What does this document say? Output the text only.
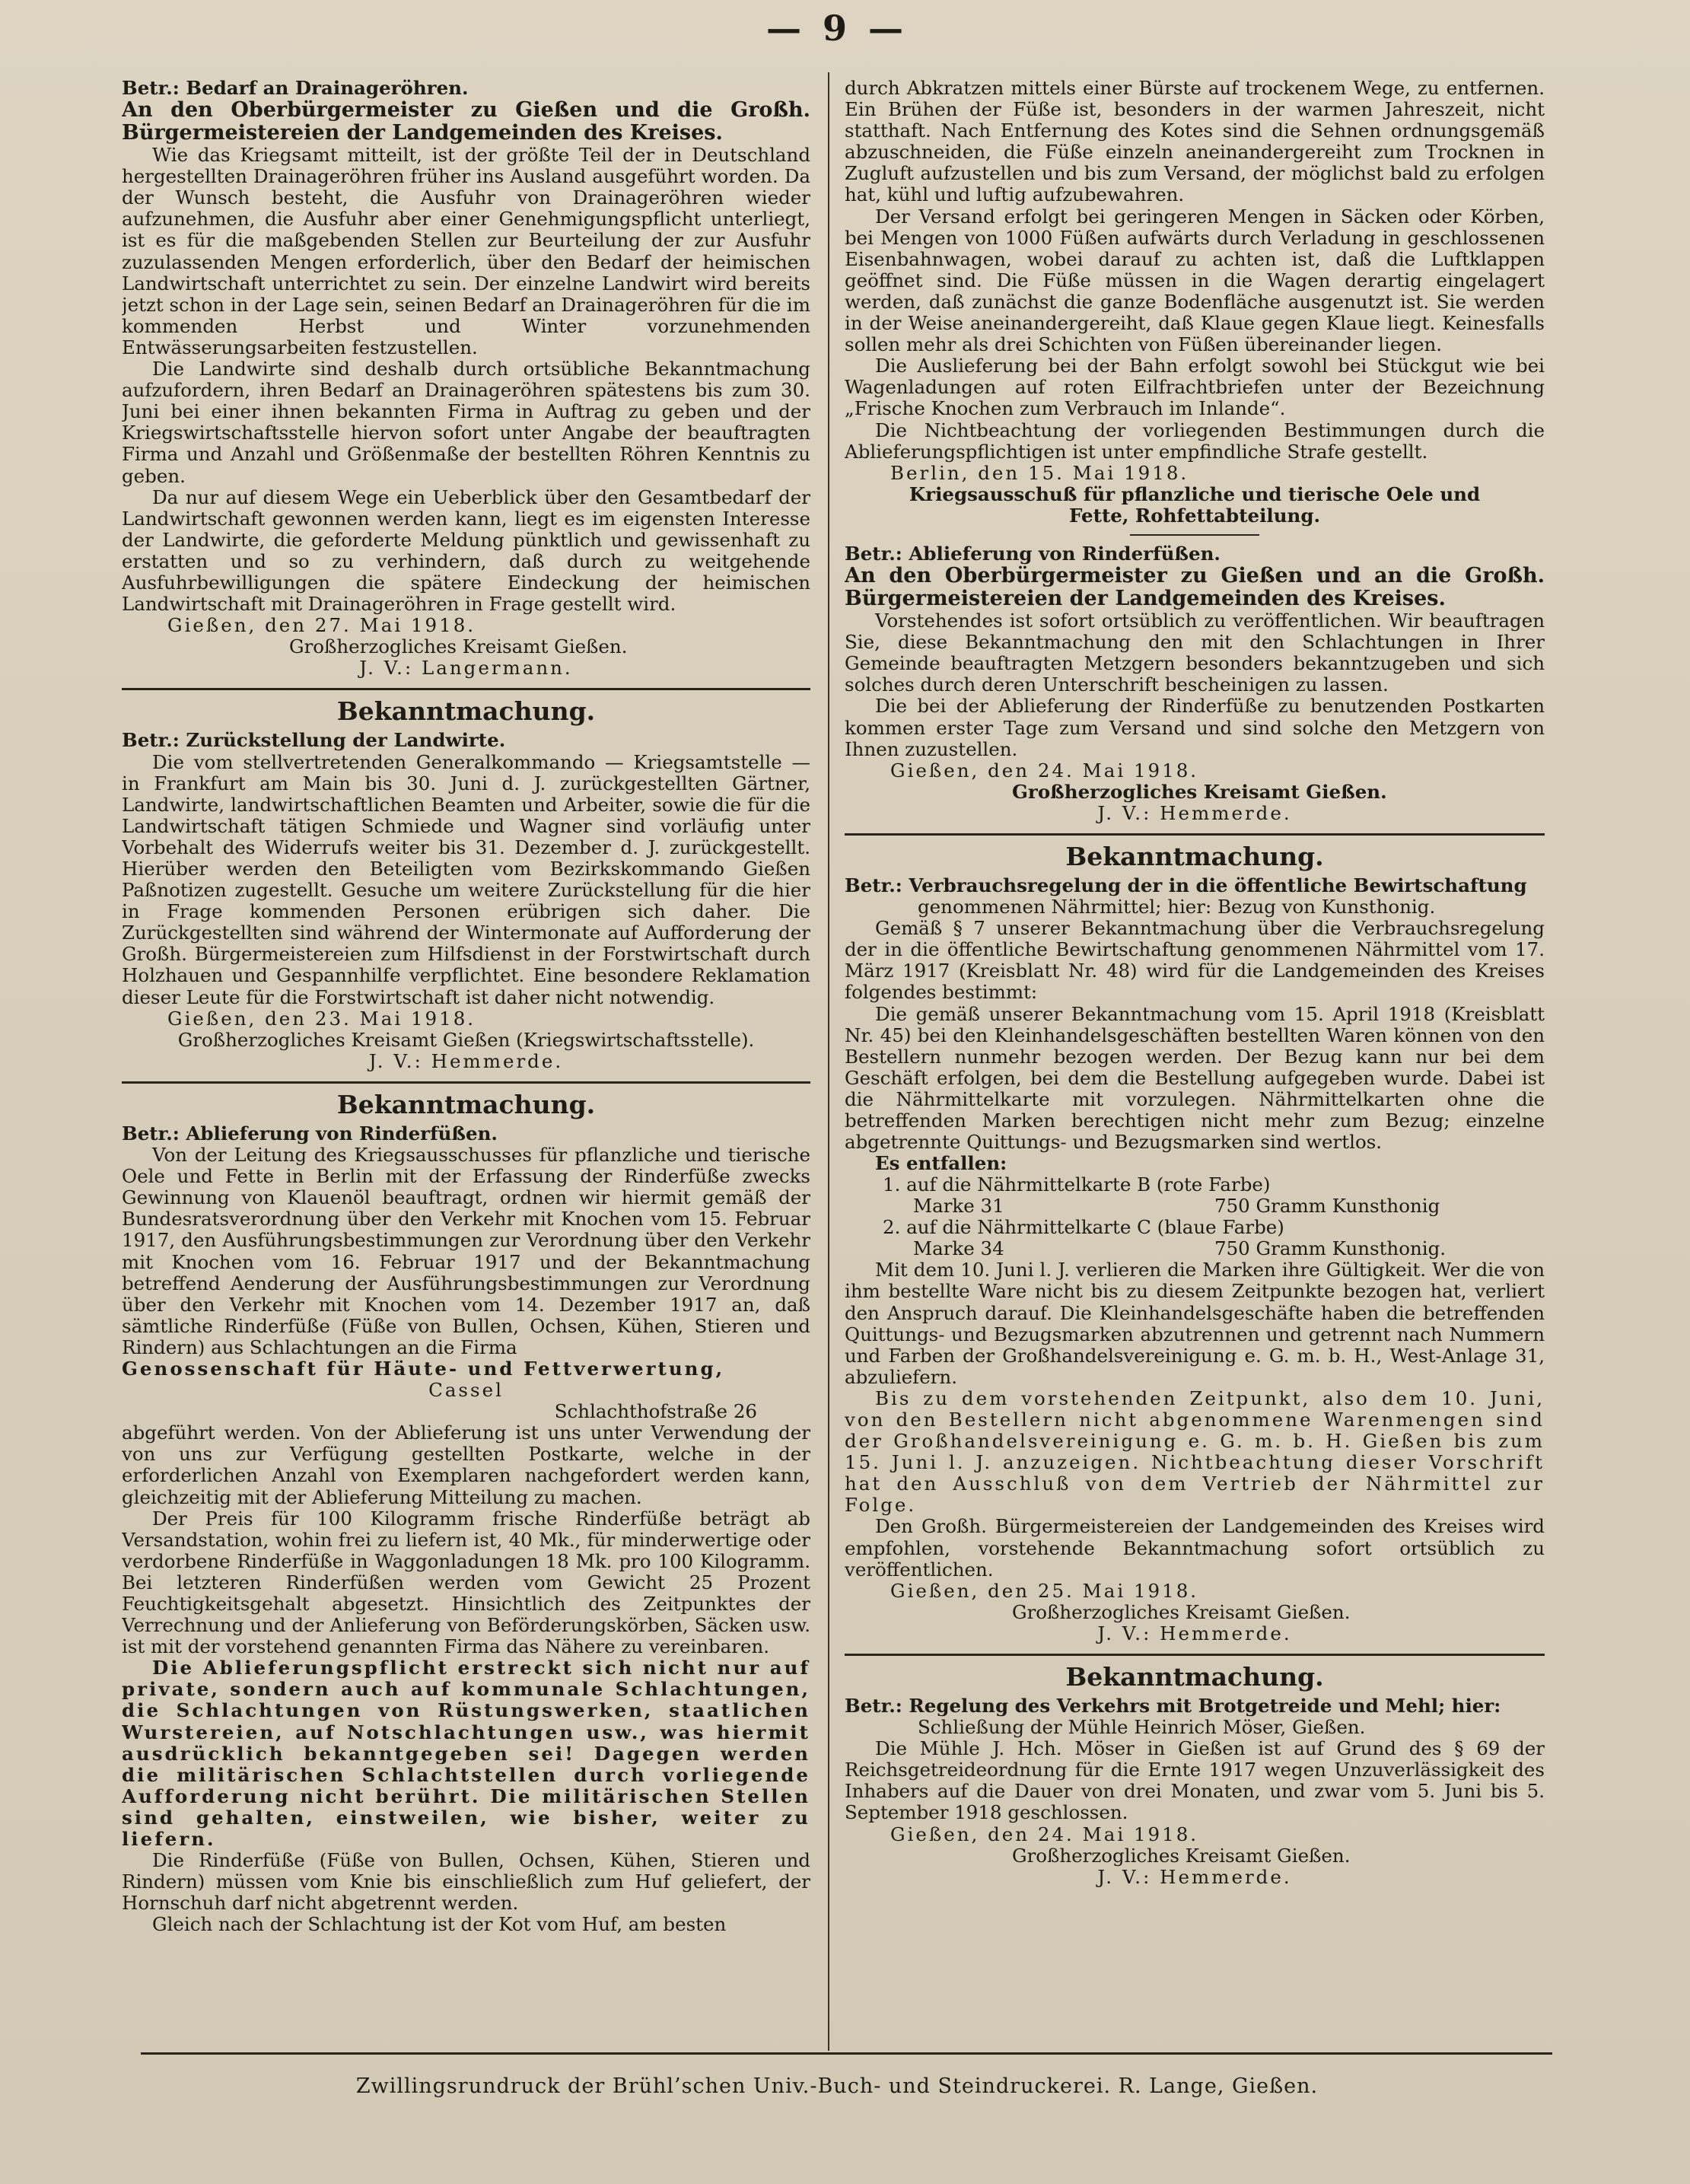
— 9 —

Betr.: Bedarf an Drainageröhren.

An den Oberbürgermeister zu Gießen und die Großh. Bürgermeistereien der Landgemeinden des Kreises.

Wie das Kriegsamt mitteilt, ist der größte Teil der in Deutschland hergestellten Drainageröhren früher ins Ausland ausgeführt worden. Da der Wunsch besteht, die Ausfuhr von Drainageröhren wieder aufzunehmen, die Ausfuhr aber einer Genehmigungspflicht unterliegt, ist es für die maßgebenden Stellen zur Beurteilung der zur Ausfuhr zuzulassenden Mengen erforderlich, über den Bedarf der heimischen Landwirtschaft unterrichtet zu sein. Der einzelne Landwirt wird bereits jetzt schon in der Lage sein, seinen Bedarf an Drainageröhren für die im kommenden Herbst und Winter vorzunehmenden Entwässerungsarbeiten festzustellen.

Die Landwirte sind deshalb durch ortsübliche Bekanntmachung aufzufordern, ihren Bedarf an Drainageröhren spätestens bis zum 30. Juni bei einer ihnen bekannten Firma in Auftrag zu geben und der Kriegswirtschaftsstelle hiervon sofort unter Angabe der beauftragten Firma und Anzahl und Größenmaße der bestellten Röhren Kenntnis zu geben.

Da nur auf diesem Wege ein Ueberblick über den Gesamtbedarf der Landwirtschaft gewonnen werden kann, liegt es im eigensten Interesse der Landwirte, die geforderte Meldung pünktlich und gewissenhaft zu erstatten und so zu verhindern, daß durch zu weitgehende Ausfuhrbewilligungen die spätere Eindeckung der heimischen Landwirtschaft mit Drainageröhren in Frage gestellt wird.

Gießen, den 27. Mai 1918.

Großherzogliches Kreisamt Gießen.

J. V.: Langermann.

Bekanntmachung.

Betr.: Zurückstellung der Landwirte.

Die vom stellvertretenden Generalkommando — Kriegsamtstelle — in Frankfurt am Main bis 30. Juni d. J. zurückgestellten Gärtner, Landwirte, landwirtschaftlichen Beamten und Arbeiter, sowie die für die Landwirtschaft tätigen Schmiede und Wagner sind vorläufig unter Vorbehalt des Widerrufs weiter bis 31. Dezember d. J. zurückgestellt. Hierüber werden den Beteiligten vom Bezirkskommando Gießen Paßnotizen zugestellt. Gesuche um weitere Zurückstellung für die hier in Frage kommenden Personen erübrigen sich daher. Die Zurückgestellten sind während der Wintermonate auf Aufforderung der Großh. Bürgermeistereien zum Hilfsdienst in der Forstwirtschaft durch Holzhauen und Gespannhilfe verpflichtet. Eine besondere Reklamation dieser Leute für die Forstwirtschaft ist daher nicht notwendig.

Gießen, den 23. Mai 1918.

Großherzogliches Kreisamt Gießen (Kriegswirtschaftsstelle).

J. V.: Hemmerde.

Bekanntmachung.

Betr.: Ablieferung von Rinderfüßen.

Von der Leitung des Kriegsausschusses für pflanzliche und tierische Oele und Fette in Berlin mit der Erfassung der Rinderfüße zwecks Gewinnung von Klauenöl beauftragt, ordnen wir hiermit gemäß der Bundesratsverordnung über den Verkehr mit Knochen vom 15. Februar 1917, den Ausführungsbestimmungen zur Verordnung über den Verkehr mit Knochen vom 16. Februar 1917 und der Bekanntmachung betreffend Aenderung der Ausführungsbestimmungen zur Verordnung über den Verkehr mit Knochen vom 14. Dezember 1917 an, daß sämtliche Rinderfüße (Füße von Bullen, Ochsen, Kühen, Stieren und Rindern) aus Schlachtungen an die Firma

Genossenschaft für Häute- und Fettverwertung,

Cassel

Schlachthofstraße 26

abgeführt werden. Von der Ablieferung ist uns unter Verwendung der von uns zur Verfügung gestellten Postkarte, welche in der erforderlichen Anzahl von Exemplaren nachgefordert werden kann, gleichzeitig mit der Ablieferung Mitteilung zu machen.

Der Preis für 100 Kilogramm frische Rinderfüße beträgt ab Versandstation, wohin frei zu liefern ist, 40 Mk., für minderwertige oder verdorbene Rinderfüße in Waggonladungen 18 Mk. pro 100 Kilogramm. Bei letzteren Rinderfüßen werden vom Gewicht 25 Prozent Feuchtigkeitsgehalt abgesetzt. Hinsichtlich des Zeitpunktes der Verrechnung und der Anlieferung von Beförderungskörben, Säcken usw. ist mit der vorstehend genannten Firma das Nähere zu vereinbaren.

Die Ablieferungspflicht erstreckt sich nicht nur auf private, sondern auch auf kommunale Schlachtungen, die Schlachtungen von Rüstungswerken, staatlichen Wurstereien, auf Notschlachtungen usw., was hiermit ausdrücklich bekanntgegeben sei! Dagegen werden die militärischen Schlachtstellen durch vorliegende Aufforderung nicht berührt. Die militärischen Stellen sind gehalten, einstweilen, wie bisher, weiter zu liefern.

Die Rinderfüße (Füße von Bullen, Ochsen, Kühen, Stieren und Rindern) müssen vom Knie bis einschließlich zum Huf geliefert, der Hornschuh darf nicht abgetrennt werden.

Gleich nach der Schlachtung ist der Kot vom Huf, am besten

durch Abkratzen mittels einer Bürste auf trockenem Wege, zu entfernen. Ein Brühen der Füße ist, besonders in der warmen Jahreszeit, nicht statthaft. Nach Entfernung des Kotes sind die Sehnen ordnungsgemäß abzuschneiden, die Füße einzeln aneinandergereiht zum Trocknen in Zugluft aufzustellen und bis zum Versand, der möglichst bald zu erfolgen hat, kühl und luftig aufzubewahren.

Der Versand erfolgt bei geringeren Mengen in Säcken oder Körben, bei Mengen von 1000 Füßen aufwärts durch Verladung in geschlossenen Eisenbahnwagen, wobei darauf zu achten ist, daß die Luftklappen geöffnet sind. Die Füße müssen in die Wagen derartig eingelagert werden, daß zunächst die ganze Bodenfläche ausgenutzt ist. Sie werden in der Weise aneinandergereiht, daß Klaue gegen Klaue liegt. Keinesfalls sollen mehr als drei Schichten von Füßen übereinander liegen.

Die Auslieferung bei der Bahn erfolgt sowohl bei Stückgut wie bei Wagenladungen auf roten Eilfrachtbriefen unter der Bezeichnung „Frische Knochen zum Verbrauch im Inlande“.

Die Nichtbeachtung der vorliegenden Bestimmungen durch die Ablieferungspflichtigen ist unter empfindliche Strafe gestellt.

Berlin, den 15. Mai 1918.

Kriegsausschuß für pflanzliche und tierische Oele und

Fette, Rohfettabteilung.

Betr.: Ablieferung von Rinderfüßen.

An den Oberbürgermeister zu Gießen und an die Großh. Bürgermeistereien der Landgemeinden des Kreises.

Vorstehendes ist sofort ortsüblich zu veröffentlichen. Wir beauftragen Sie, diese Bekanntmachung den mit den Schlachtungen in Ihrer Gemeinde beauftragten Metzgern besonders bekanntzugeben und sich solches durch deren Unterschrift bescheinigen zu lassen.

Die bei der Ablieferung der Rinderfüße zu benutzenden Postkarten kommen erster Tage zum Versand und sind solche den Metzgern von Ihnen zuzustellen.

Gießen, den 24. Mai 1918.

Großherzogliches Kreisamt Gießen.

J. V.: Hemmerde.

Bekanntmachung.

Betr.: Verbrauchsregelung der in die öffentliche Bewirtschaftung

genommenen Nährmittel; hier: Bezug von Kunsthonig.

Gemäß § 7 unserer Bekanntmachung über die Verbrauchsregelung der in die öffentliche Bewirtschaftung genommenen Nährmittel vom 17. März 1917 (Kreisblatt Nr. 48) wird für die Landgemeinden des Kreises folgendes bestimmt:

Die gemäß unserer Bekanntmachung vom 15. April 1918 (Kreisblatt Nr. 45) bei den Kleinhandelsgeschäften bestellten Waren können von den Bestellern nunmehr bezogen werden. Der Bezug kann nur bei dem Geschäft erfolgen, bei dem die Bestellung aufgegeben wurde. Dabei ist die Nährmittelkarte mit vorzulegen. Nährmittelkarten ohne die betreffenden Marken berechtigen nicht mehr zum Bezug; einzelne abgetrennte Quittungs- und Bezugsmarken sind wertlos.

Es entfallen:

1. auf die Nährmittelkarte B (rote Farbe)	
Marke 31	750 Gramm Kunsthonig
2. auf die Nährmittelkarte C (blaue Farbe)	
Marke 34	750 Gramm Kunsthonig.

Mit dem 10. Juni l. J. verlieren die Marken ihre Gültigkeit. Wer die von ihm bestellte Ware nicht bis zu diesem Zeitpunkte bezogen hat, verliert den Anspruch darauf. Die Kleinhandelsgeschäfte haben die betreffenden Quittungs- und Bezugsmarken abzutrennen und getrennt nach Nummern und Farben der Großhandelsvereinigung e. G. m. b. H., West-Anlage 31, abzuliefern.

Bis zu dem vorstehenden Zeitpunkt, also dem 10. Juni, von den Bestellern nicht abgenommene Warenmengen sind der Großhandelsvereinigung e. G. m. b. H. Gießen bis zum 15. Juni l. J. anzuzeigen. Nichtbeachtung dieser Vorschrift hat den Ausschluß von dem Vertrieb der Nährmittel zur Folge.

Den Großh. Bürgermeistereien der Landgemeinden des Kreises wird empfohlen, vorstehende Bekanntmachung sofort ortsüblich zu veröffentlichen.

Gießen, den 25. Mai 1918.

Großherzogliches Kreisamt Gießen.

J. V.: Hemmerde.

Bekanntmachung.

Betr.: Regelung des Verkehrs mit Brotgetreide und Mehl; hier:

Schließung der Mühle Heinrich Möser, Gießen.

Die Mühle J. Hch. Möser in Gießen ist auf Grund des § 69 der Reichsgetreideordnung für die Ernte 1917 wegen Unzuverlässigkeit des Inhabers auf die Dauer von drei Monaten, und zwar vom 5. Juni bis 5. September 1918 geschlossen.

Gießen, den 24. Mai 1918.

Großherzogliches Kreisamt Gießen.

J. V.: Hemmerde.

Zwillingsrundruck der Brühl’schen Univ.-Buch- und Steindruckerei. R. Lange, Gießen.
